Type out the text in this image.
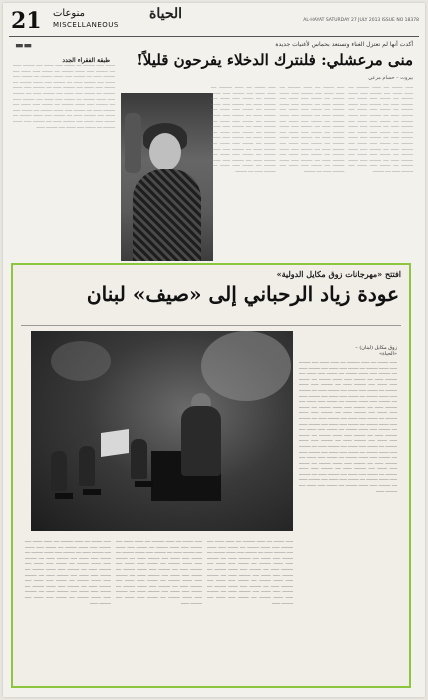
21 منوعات
MISCELLANEOUS
الحياة	AL-HAYAT SATURDAY 27 JULY 2013 ISSUE NO 18378
▬▬
طبقة الفقراء الجدد
ـــــــــ ـــــــ ـــــــــــ ـــــ ــــــــــ ـــــــ ـــــــــ ــــــ ـــــــــــ ــــــــ ـــــ ـــــــــــ ـــــــ ـــــــــ ـــــــــــ ـــــ ــــــــــ ـــــــ ـــــــــ ــــــ ـــــــــــ ــــــــ ـــــ ـــــــــــ ـــــــ ـــــــــ ـــــــــــ ـــــ ــــــــــ ـــــــ ـــــــــ ــــــ ـــــــــــ ــــــــ ـــــ ـــــــــــ ـــــــ ـــــــــ ـــــــــــ ـــــ ــــــــــ ـــــــ ـــــــــ ــــــ ـــــــــــ ــــــــ ـــــ ـــــــــــ ـــــــ ـــــــــ ـــــــــــ ـــــ ــــــــــ ـــــــ ـــــــــ ــــــ ـــــــــــ ــــــــ ـــــ ـــــــــــ ـــــــ ـــــــــ ـــــــــــ ـــــ ــــــــــ ـــــــ ـــــــــ ــــــ ـــــــــــ ــــــــ ـــــ ـــــــــــ ـــــــ ـــــــــ ـــــــــــ ـــــ ــــــــــ ـــــــ ـــــــــ ــــــ ـــــــــــ ــــــــ ـــــ ـــــــــــ ـــــــ ـــــــــ ـــــــــــ ـــــ ــــــــــ ـــــــ ـــــــــ ــــــ ـــــــــــ ــــــــ ـــــ ـــــــــــ ـــــــ ـــــــــ ـــــــــــ ـــــ ــــــــــ ـــــــ ـــــــــ ــــــ ـــــــــــ ــــــــ ـــــ ـــــــــــ ـــــــ ـــــــــ ـــــــــــ ـــــ ــــــــــ ـــــــ ـــــــــ ــــــ ـــــــــــ ــــــــ
أكدت أنها لم تعتزل الغناء وتستعد بحماس لأغنيات جديدة
منى مرعشلي: فلنترك الدخلاء يفرحون قليلاً!
بيروت – حسام مرعي
ـــــــ ــــــــــ ـــــ ــــــــ ــــــــــــ ـــــ ــــــــ ـــــــــ ــــــ ـــــــــــ ـــــــ ـــــــــ ـــــــــــ ـــــ ــــــــــ ـــــــ ـــــــــ ــــــ ـــــــــــ ــــــــ ـــــ ـــــــــــ ـــــــ ـــــــــ ـــــــــــ ـــــ ــــــــــ ـــــــ ـــــــــ ــــــ ـــــــــــ ــــــــ ـــــ ـــــــــــ ـــــــ ـــــــــ ـــــــــــ ـــــ ــــــــــ ـــــــ ـــــــــ ــــــ ـــــــــــ ــــــــ ـــــ ـــــــــــ ـــــــ ـــــــــ ـــــــــــ ـــــ ــــــــــ ـــــــ ـــــــــ ــــــ ـــــــــــ ــــــــ ـــــ ـــــــــــ ـــــــ ـــــــــ ـــــــــــ ـــــ ــــــــــ ـــــــ ـــــــــ ــــــ ـــــــــــ ــــــــ ـــــ ـــــــــــ ـــــــ ـــــــــ ـــــــــــ ـــــ ــــــــــ ـــــــ ـــــــــ ــــــ ـــــــــــ ــــــــ ـــــ ـــــــــــ ـــــــ ـــــــــ ـــــــــــ ـــــ ــــــــــ ـــــــ ـــــــــ ــــــ ـــــــــــ ــــــــ ـــــ ـــــــــــ
ـــــــ ــــــــــ ـــــ ــــــــ ــــــــــــ ـــــ ــــــــ ـــــــــ ــــــ ـــــــــــ ـــــــ ـــــــــ ـــــــــــ ـــــ ــــــــــ ـــــــ ـــــــــ ــــــ ـــــــــــ ــــــــ ـــــ ـــــــــــ ـــــــ ـــــــــ ـــــــــــ ـــــ ــــــــــ ـــــــ ـــــــــ ــــــ ـــــــــــ ــــــــ ـــــ ـــــــــــ ـــــــ ـــــــــ ـــــــــــ ـــــ ــــــــــ ـــــــ ـــــــــ ــــــ ـــــــــــ ــــــــ ـــــ ـــــــــــ ـــــــ ـــــــــ ـــــــــــ ـــــ ــــــــــ ـــــــ ـــــــــ ــــــ ـــــــــــ ــــــــ ـــــ ـــــــــــ ـــــــ ـــــــــ ـــــــــــ ـــــ ــــــــــ ـــــــ ـــــــــ ــــــ ـــــــــــ ــــــــ ـــــ ـــــــــــ ـــــــ ـــــــــ ـــــــــــ ـــــ ــــــــــ ـــــــ ـــــــــ ــــــ ـــــــــــ ــــــــ ـــــ ـــــــــــ ـــــــ ـــــــــ ـــــــــــ ـــــ ــــــــــ ـــــــ ـــــــــ ــــــ ـــــــــــ ــــــــ ـــــ ـــــــــــ
ـــــــ ــــــــــ ـــــ ــــــــ ــــــــــــ ـــــ ــــــــ ـــــــــ ــــــ ـــــــــــ ـــــــ ـــــــــ ـــــــــــ ـــــ ــــــــــ ـــــــ ـــــــــ ــــــ ـــــــــــ ــــــــ ـــــ ـــــــــــ ـــــــ ـــــــــ ـــــــــــ ـــــ ــــــــــ ـــــــ ـــــــــ ــــــ ـــــــــــ ــــــــ ـــــ ـــــــــــ ـــــــ ـــــــــ ـــــــــــ ـــــ ــــــــــ ـــــــ ـــــــــ ــــــ ـــــــــــ ــــــــ ـــــ ـــــــــــ ـــــــ ـــــــــ ـــــــــــ ـــــ ــــــــــ ـــــــ ـــــــــ ــــــ ـــــــــــ ــــــــ ـــــ ـــــــــــ ـــــــ ـــــــــ ـــــــــــ ـــــ ــــــــــ ـــــــ ـــــــــ ــــــ ـــــــــــ ــــــــ ـــــ ـــــــــــ ـــــــ ـــــــــ ـــــــــــ ـــــ ــــــــــ ـــــــ ـــــــــ ــــــ ـــــــــــ ــــــــ ـــــ ـــــــــــ ـــــــ ـــــــــ ـــــــــــ ـــــ ــــــــــ ـــــــ ـــــــــ ــــــ ـــــــــــ ــــــــ ـــــ ـــــــــــ
افتتح «مهرجانات زوق مكايل الدولية»
عودة زياد الرحباني إلى «صيف» لبنان
زوق مكايل (لبنان) –
«الحياة»
ـــــــ ــــــــــ ـــــ ــــــــ ــــــــــــ ـــــ ــــــــ ـــــــــ ــــــ ـــــــــــ ـــــــ ـــــــــ ـــــــــــ ـــــ ــــــــــ ـــــــ ـــــــــ ــــــ ـــــــــــ ــــــــ ـــــ ـــــــــــ ـــــــ ـــــــــ ـــــــــــ ـــــ ــــــــــ ـــــــ ـــــــــ ــــــ ـــــــــــ ــــــــ ـــــ ـــــــــــ ـــــــ ـــــــــ ـــــــــــ ـــــ ــــــــــ ـــــــ ـــــــــ ــــــ ـــــــــــ ــــــــ ـــــ ـــــــــــ ـــــــ ـــــــــ ـــــــــــ ـــــ ــــــــــ ـــــــ ـــــــــ ــــــ ـــــــــــ ــــــــ ـــــ ـــــــــــ ـــــــ ـــــــــ ـــــــــــ ـــــ ــــــــــ ـــــــ ـــــــــ ــــــ ـــــــــــ ــــــــ ـــــ ـــــــــــ ـــــــ ـــــــــ ـــــــــــ ـــــ ــــــــــ ـــــــ ـــــــــ ــــــ ـــــــــــ ــــــــ ـــــ ـــــــــــ ـــــــ ـــــــــ ـــــــــــ ـــــ ــــــــــ ـــــــ ـــــــــ ــــــ ـــــــــــ ــــــــ ـــــ ـــــــــــ ـــــــ ـــــــــ ـــــــــــ ـــــ ــــــــــ ـــــــ ـــــــــ ــــــ ـــــــــــ ــــــــ ـــــ ـــــــــــ ـــــــ ـــــــــ ـــــــــــ ـــــ ــــــــــ ـــــــ ـــــــــ ــــــ ـــــــــــ ــــــــ ـــــ ـــــــــــ ـــــــ ـــــــــ ـــــــــــ ـــــ ــــــــــ ـــــــ ـــــــــ ــــــ ـــــــــــ ــــــــ ـــــ ـــــــــــ ـــــــ ـــــــــ ـــــــــــ ـــــ ــــــــــ ـــــــ ـــــــــ ــــــ ـــــــــــ ــــــــ ـــــ ـــــــــــ ـــــــ ـــــــــ ـــــــــــ ـــــ ــــــــــ ـــــــ ـــــــــ ــــــ ـــــــــــ ــــــــ ـــــ ـــــــــــ ـــــــ ـــــــــ ـــــــــــ ـــــ ــــــــــ ـــــــ ـــــــــ ــــــ ـــــــــــ ــــــــ ـــــ ـــــــــــ ـــــــ ـــــــــ ـــــــــــ ـــــ ــــــــــ ـــــــ ـــــــــ ــــــ ـــــــــــ ــــــــ ـــــ ـــــــــــ ـــــــ ـــــــــ ـــــــــــ ـــــ ــــــــــ ـــــــ ـــــــــ ــــــ ـــــــــــ ــــــــ ـــــ ـــــــــــ ـــــــ ـــــــــ ـــــــــــ ـــــ ــــــــــ ـــــــ ـــــــــ ــــــ ـــــــــــ ــــــــ ـــــ ـــــــــــ ـــــــ ـــــــــ ـــــــــــ ـــــ ــــــــــ ـــــــ ـــــــــ ــــــ ـــــــــــ ــــــــ ـــــ ـــــــــــ ـــــــ ـــــــــ ـــــــــــ ـــــ ــــــــــ ـــــــ ـــــــــ ــــــ ـــــــــــ ــــــــ
ـــــــ ــــــــــ ـــــ ــــــــ ــــــــــــ ـــــ ــــــــ ـــــــــ ــــــ ـــــــــــ ـــــــ ـــــــــ ـــــــــــ ـــــ ــــــــــ ـــــــ ـــــــــ ــــــ ـــــــــــ ــــــــ ـــــ ـــــــــــ ـــــــ ـــــــــ ـــــــــــ ـــــ ــــــــــ ـــــــ ـــــــــ ــــــ ـــــــــــ ــــــــ ـــــ ـــــــــــ ـــــــ ـــــــــ ـــــــــــ ـــــ ــــــــــ ـــــــ ـــــــــ ــــــ ـــــــــــ ــــــــ ـــــ ـــــــــــ ـــــــ ـــــــــ ـــــــــــ ـــــ ــــــــــ ـــــــ ـــــــــ ــــــ ـــــــــــ ــــــــ ـــــ ـــــــــــ ـــــــ ـــــــــ ـــــــــــ ـــــ ــــــــــ ـــــــ ـــــــــ ــــــ ـــــــــــ ــــــــ ـــــ ـــــــــــ ـــــــ ـــــــــ ـــــــــــ ـــــ ــــــــــ ـــــــ ـــــــــ ــــــ ـــــــــــ ــــــــ ـــــ ـــــــــــ ـــــــ ـــــــــ ـــــــــــ ـــــ ــــــــــ ـــــــ ـــــــــ ــــــ ـــــــــــ ــــــــ
ـــــــ ــــــــــ ـــــ ــــــــ ــــــــــــ ـــــ ــــــــ ـــــــــ ــــــ ـــــــــــ ـــــــ ـــــــــ ـــــــــــ ـــــ ــــــــــ ـــــــ ـــــــــ ــــــ ـــــــــــ ــــــــ ـــــ ـــــــــــ ـــــــ ـــــــــ ـــــــــــ ـــــ ــــــــــ ـــــــ ـــــــــ ــــــ ـــــــــــ ــــــــ ـــــ ـــــــــــ ـــــــ ـــــــــ ـــــــــــ ـــــ ــــــــــ ـــــــ ـــــــــ ــــــ ـــــــــــ ــــــــ ـــــ ـــــــــــ ـــــــ ـــــــــ ـــــــــــ ـــــ ــــــــــ ـــــــ ـــــــــ ــــــ ـــــــــــ ــــــــ ـــــ ـــــــــــ ـــــــ ـــــــــ ـــــــــــ ـــــ ــــــــــ ـــــــ ـــــــــ ــــــ ـــــــــــ ــــــــ ـــــ ـــــــــــ ـــــــ ـــــــــ ـــــــــــ ـــــ ــــــــــ ـــــــ ـــــــــ ــــــ ـــــــــــ ــــــــ ـــــ ـــــــــــ ـــــــ ـــــــــ ـــــــــــ ـــــ ــــــــــ ـــــــ ـــــــــ ــــــ ـــــــــــ ــــــــ
ـــــــ ــــــــــ ـــــ ــــــــ ــــــــــــ ـــــ ــــــــ ـــــــــ ــــــ ـــــــــــ ـــــــ ـــــــــ ـــــــــــ ـــــ ــــــــــ ـــــــ ـــــــــ ــــــ ـــــــــــ ــــــــ ـــــ ـــــــــــ ـــــــ ـــــــــ ـــــــــــ ـــــ ــــــــــ ـــــــ ـــــــــ ــــــ ـــــــــــ ــــــــ ـــــ ـــــــــــ ـــــــ ـــــــــ ـــــــــــ ـــــ ــــــــــ ـــــــ ـــــــــ ــــــ ـــــــــــ ــــــــ ـــــ ـــــــــــ ـــــــ ـــــــــ ـــــــــــ ـــــ ــــــــــ ـــــــ ـــــــــ ــــــ ـــــــــــ ــــــــ ـــــ ـــــــــــ ـــــــ ـــــــــ ـــــــــــ ـــــ ــــــــــ ـــــــ ـــــــــ ــــــ ـــــــــــ ــــــــ ـــــ ـــــــــــ ـــــــ ـــــــــ ـــــــــــ ـــــ ــــــــــ ـــــــ ـــــــــ ــــــ ـــــــــــ ــــــــ ـــــ ـــــــــــ ـــــــ ـــــــــ ـــــــــــ ـــــ ــــــــــ ـــــــ ـــــــــ ــــــ ـــــــــــ ــــــــ
